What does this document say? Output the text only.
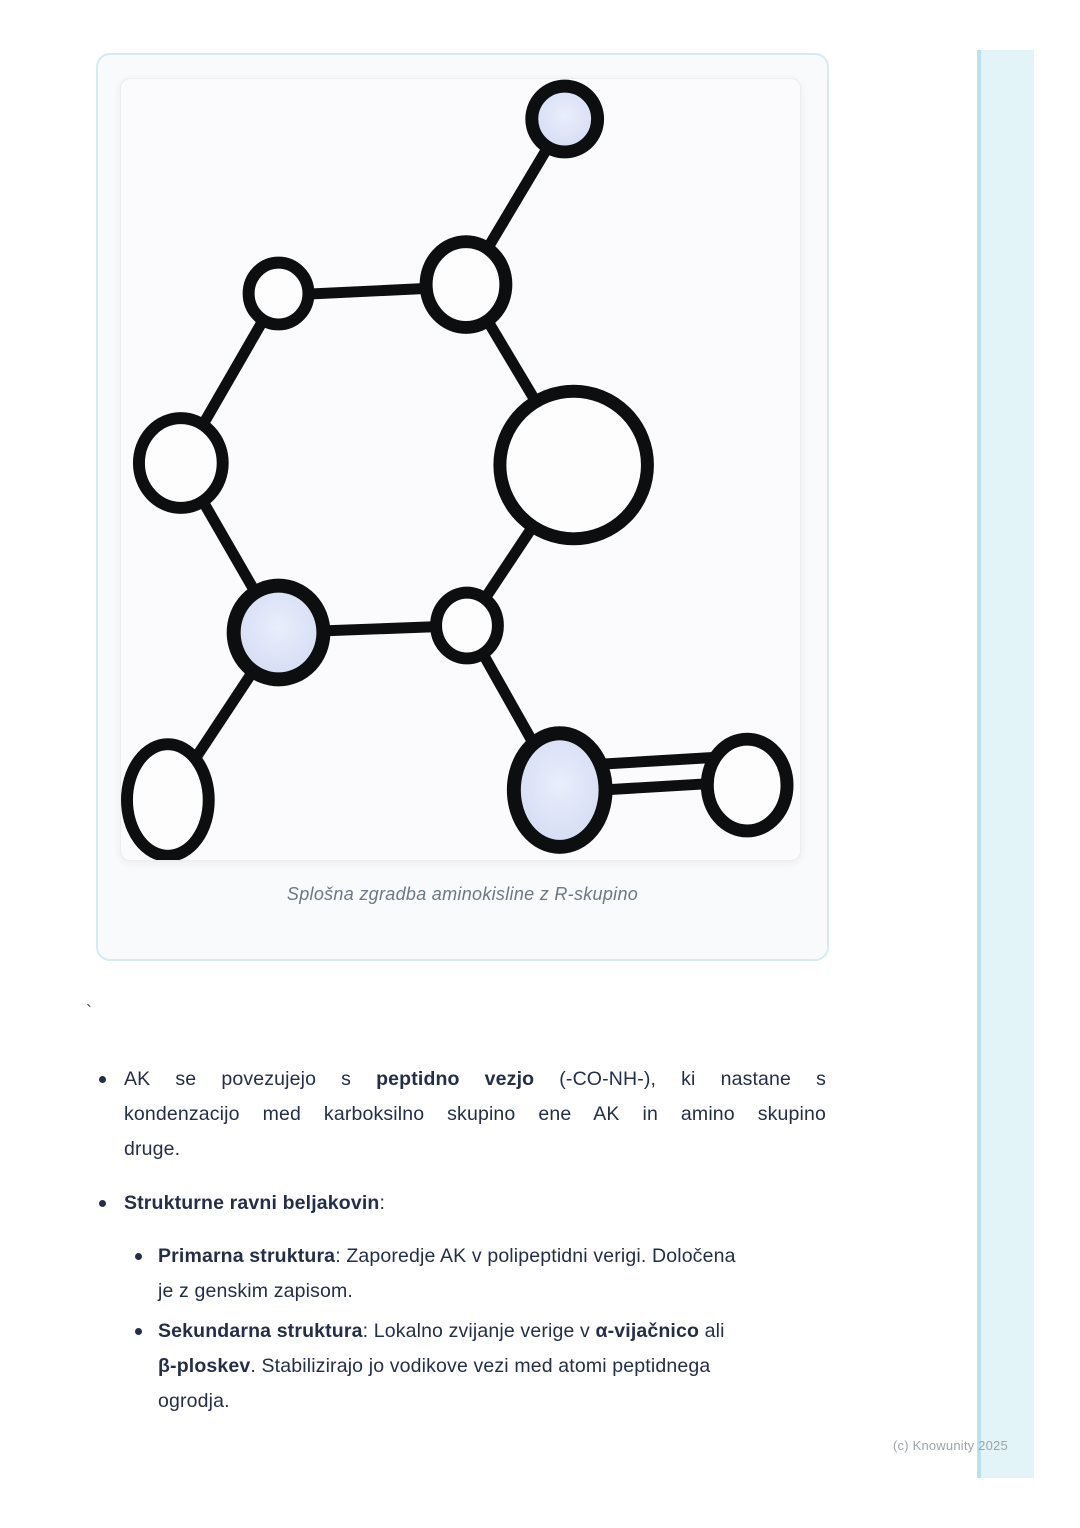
Splošna zgradba aminokisline z R-skupino
`
AK se povezujejo s peptidno vezjo (-CO-NH-), ki nastane s
kondenzacijo med karboksilno skupino ene AK in amino skupino
druge.
Strukturne ravni beljakovin:
Primarna struktura: Zaporedje AK v polipeptidni verigi. Določena
je z genskim zapisom.
Sekundarna struktura: Lokalno zvijanje verige v α-vijačnico ali
β-ploskev. Stabilizirajo jo vodikove vezi med atomi peptidnega
ogrodja.
(c) Knowunity 2025
